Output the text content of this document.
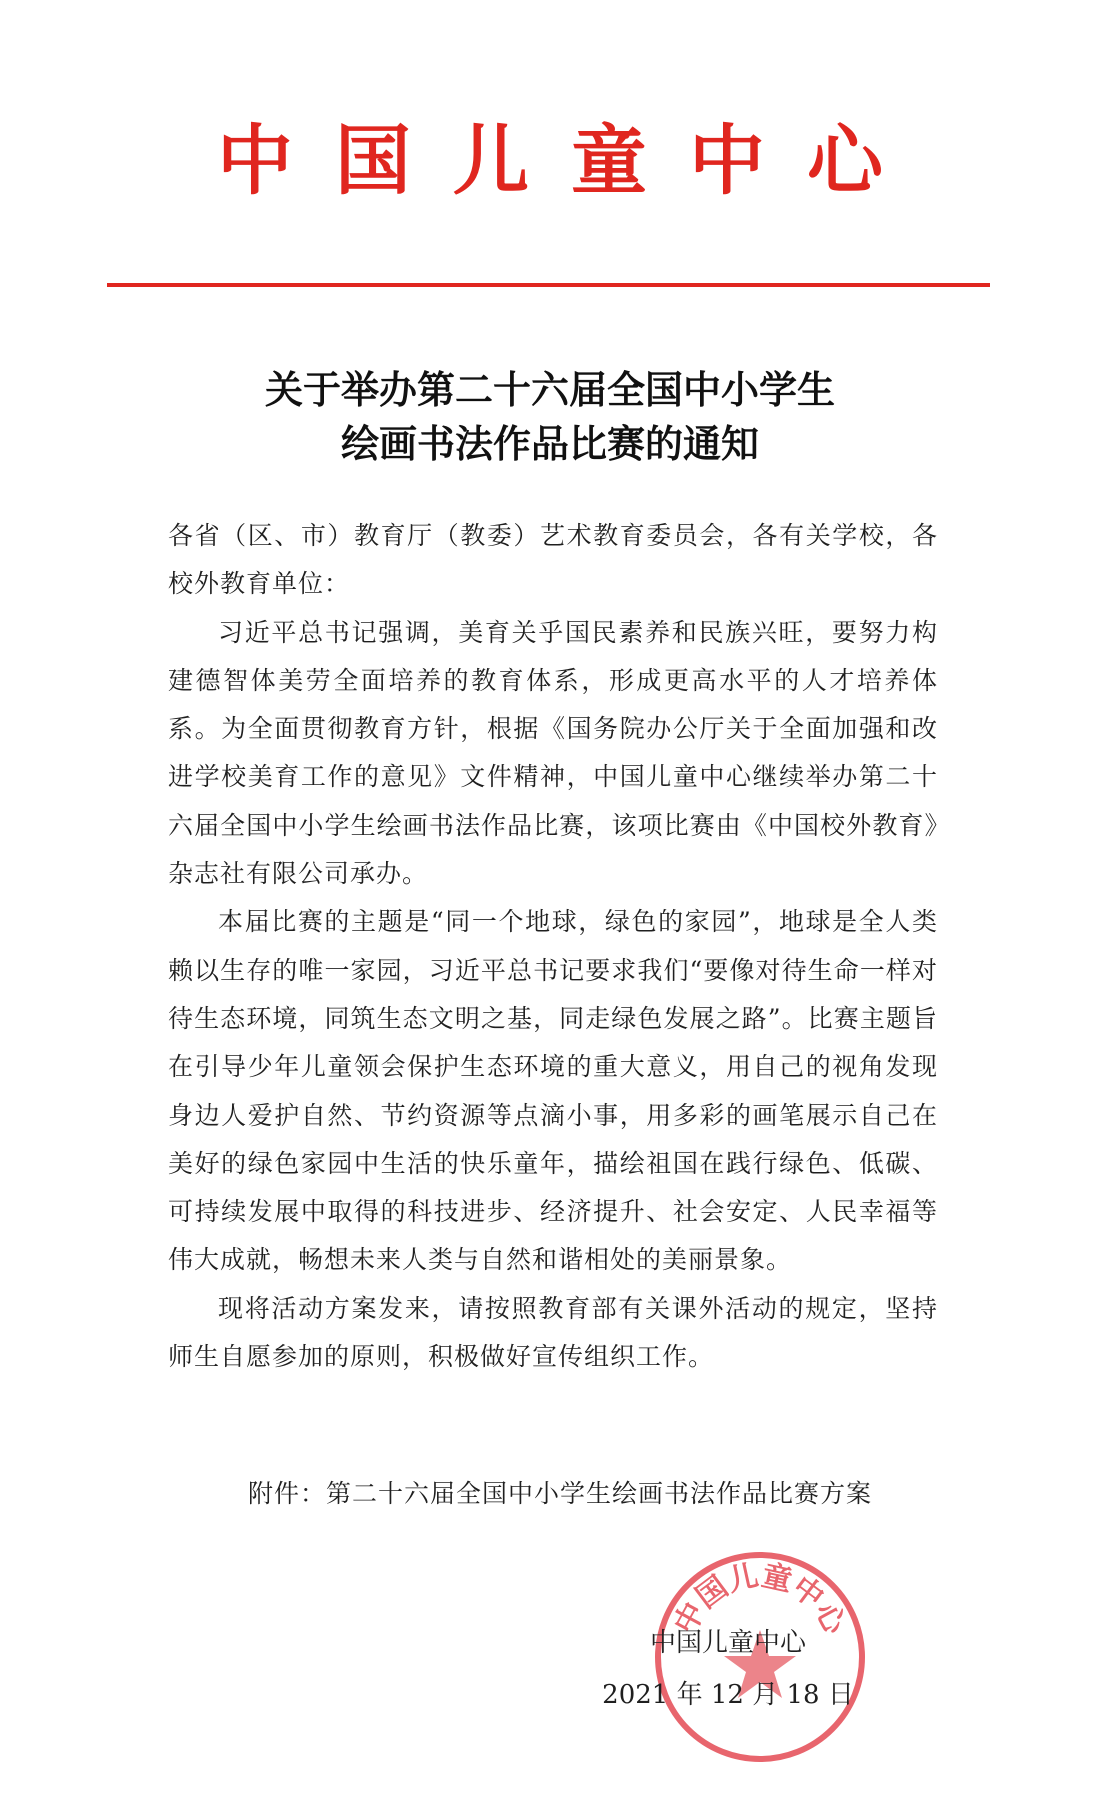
中国儿童中心
关于举办第二十六届全国中小学生
绘画书法作品比赛的通知

各省（区、市）教育厅（教委）艺术教育委员会，各有关学校，各校外教育单位：

习近平总书记强调，美育关乎国民素养和民族兴旺，要努力构建德智体美劳全面培养的教育体系，形成更高水平的人才培养体系。为全面贯彻教育方针，根据《国务院办公厅关于全面加强和改进学校美育工作的意见》文件精神，中国儿童中心继续举办第二十六届全国中小学生绘画书法作品比赛，该项比赛由《中国校外教育》杂志社有限公司承办。

本届比赛的主题是“同一个地球，绿色的家园”，地球是全人类赖以生存的唯一家园，习近平总书记要求我们“要像对待生命一样对待生态环境，同筑生态文明之基，同走绿色发展之路”。比赛主题旨在引导少年儿童领会保护生态环境的重大意义，用自己的视角发现身边人爱护自然、节约资源等点滴小事，用多彩的画笔展示自己在美好的绿色家园中生活的快乐童年，描绘祖国在践行绿色、低碳、可持续发展中取得的科技进步、经济提升、社会安定、人民幸福等伟大成就，畅想未来人类与自然和谐相处的美丽景象。

现将活动方案发来，请按照教育部有关课外活动的规定，坚持师生自愿参加的原则，积极做好宣传组织工作。

附件：第二十六届全国中小学生绘画书法作品比赛方案
中国儿童中心
中国儿童中心
2021 年 12 月 18 日
